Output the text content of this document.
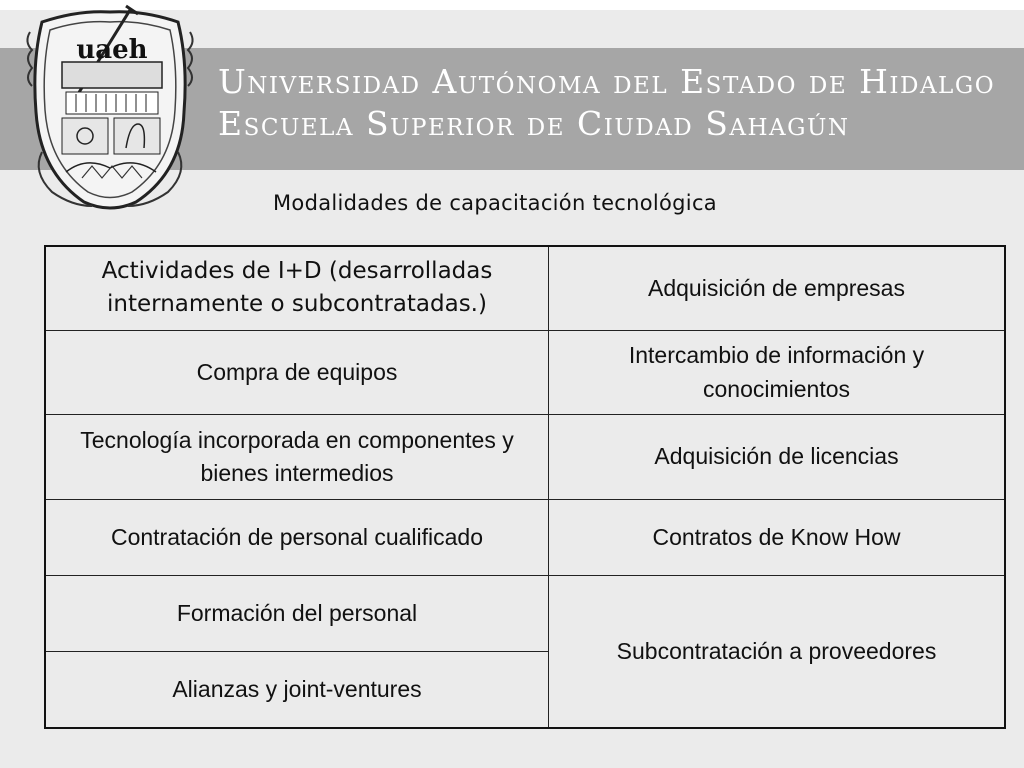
Universidad Autónoma del Estado de Hidalgo
Escuela Superior de Ciudad Sahagún
uaeh
Modalidades de capacitación tecnológica
Actividades de I+D (desarrolladas internamente o subcontratadas.)	Adquisición de empresas
Compra de equipos	Intercambio de información y conocimientos
Tecnología incorporada en componentes y bienes intermedios	Adquisición de licencias
Contratación de personal cualificado	Contratos de Know How
Formación del personal	Subcontratación a proveedores
Alianzas y joint-ventures	
